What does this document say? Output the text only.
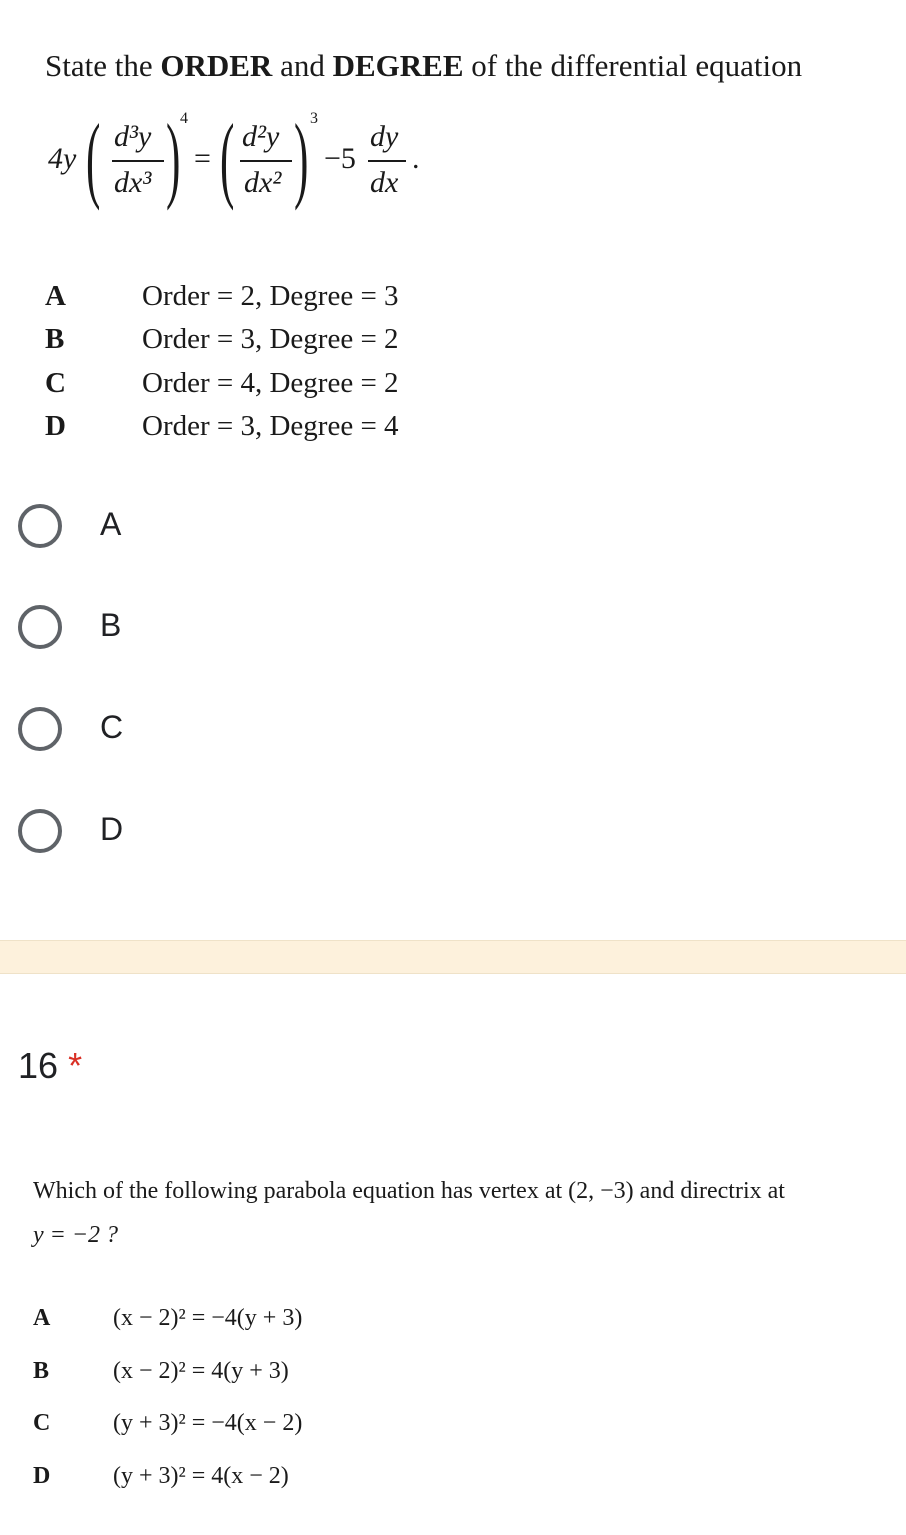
State the ORDER and DEGREE of the differential equation
4y ( d³y
dx³ ) 4
= ( d²y
dx² ) 3
−5
dy
dx
.
A	Order = 2, Degree = 3
B	Order = 3, Degree = 2
C	Order = 4, Degree = 2
D	Order = 3, Degree = 4
A
B
C
D
16 *
Which of the following parabola equation has vertex at (2, −3) and directrix at
y = −2 ?
A	(x − 2)² = −4(y + 3)
B	(x − 2)² = 4(y + 3)
C	(y + 3)² = −4(x − 2)
D	(y + 3)² = 4(x − 2)
